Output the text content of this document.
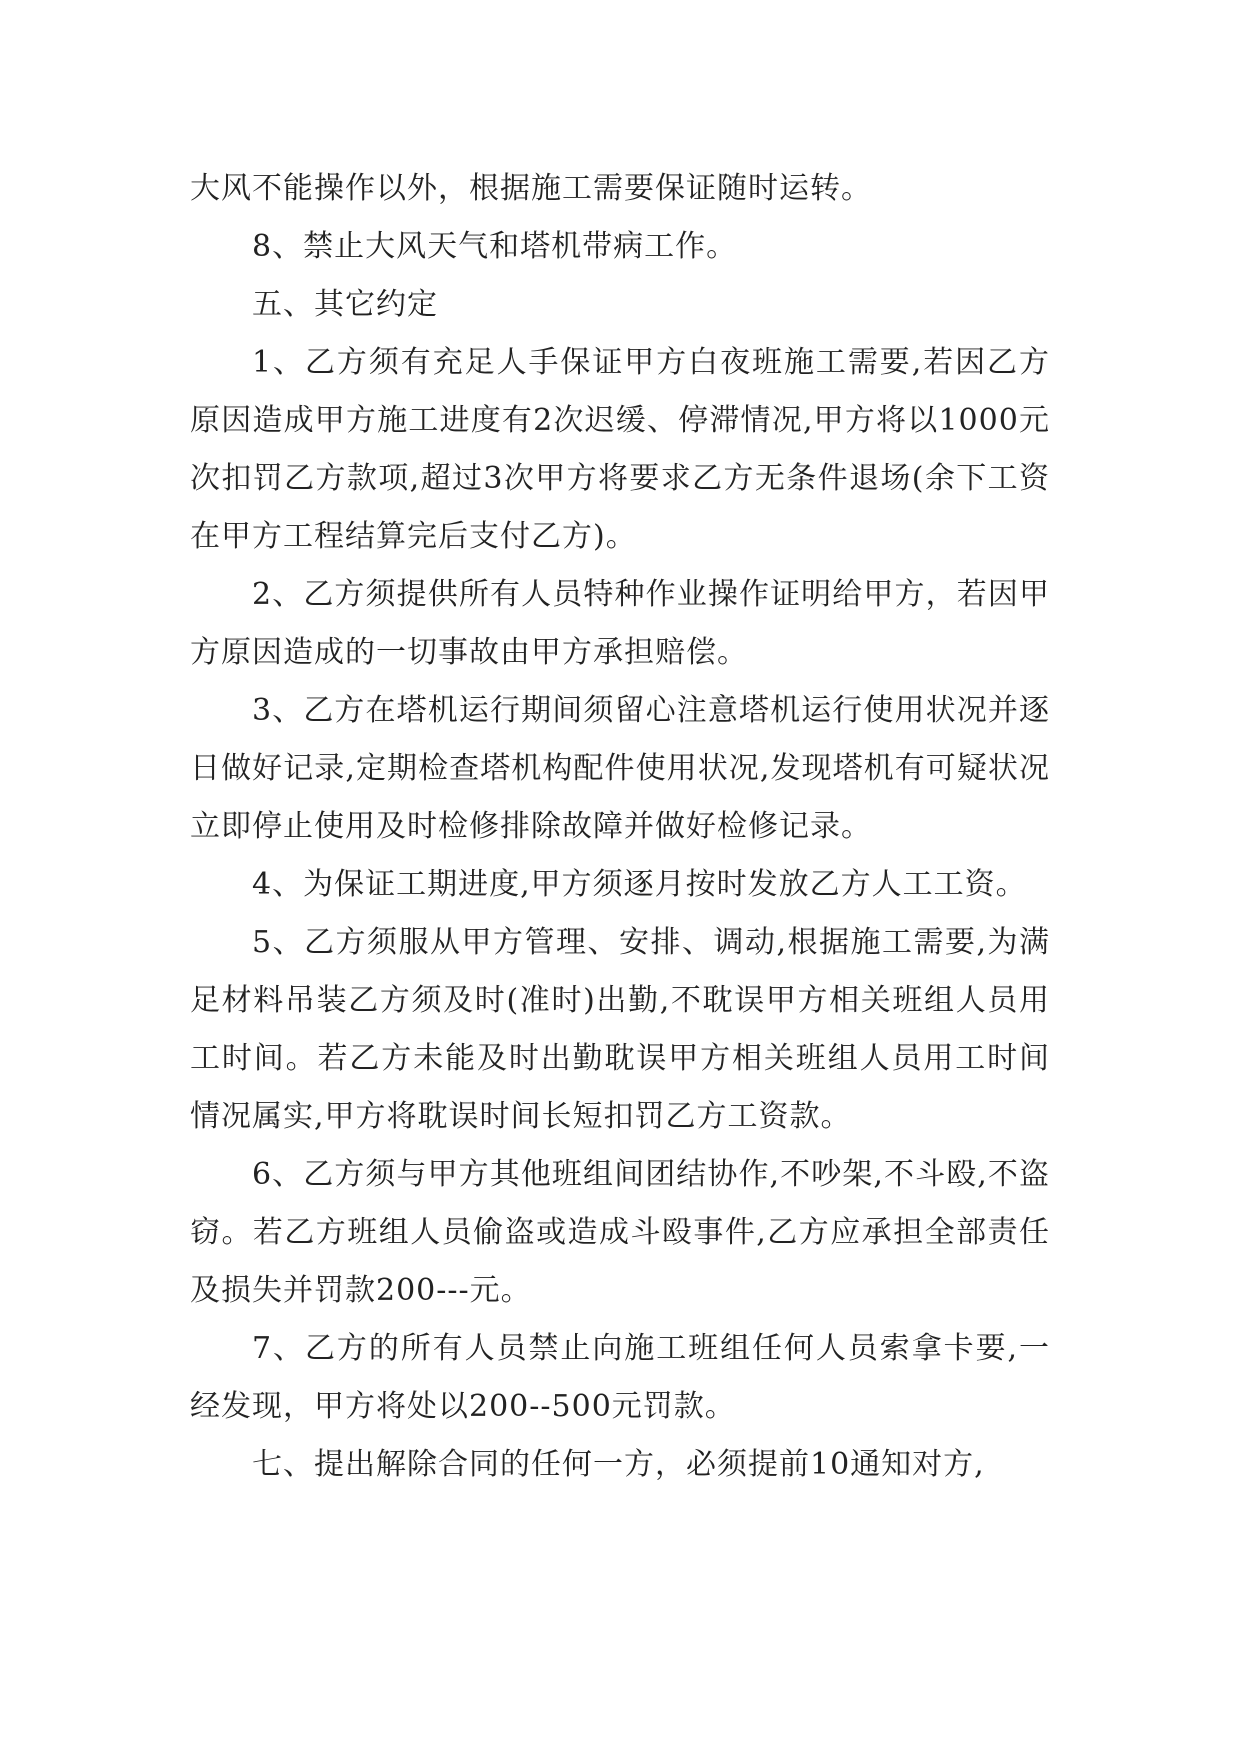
大风不能操作以外，根据施工需要保证随时运转。

8、禁止大风天气和塔机带病工作。

五、其它约定

1、乙方须有充足人手保证甲方白夜班施工需要,若因乙方原因造成甲方施工进度有2次迟缓、停滞情况,甲方将以1000元次扣罚乙方款项,超过3次甲方将要求乙方无条件退场(余下工资在甲方工程结算完后支付乙方)。

2、乙方须提供所有人员特种作业操作证明给甲方，若因甲方原因造成的一切事故由甲方承担赔偿。

3、乙方在塔机运行期间须留心注意塔机运行使用状况并逐日做好记录,定期检查塔机构配件使用状况,发现塔机有可疑状况立即停止使用及时检修排除故障并做好检修记录。

4、为保证工期进度,甲方须逐月按时发放乙方人工工资。

5、乙方须服从甲方管理、安排、调动,根据施工需要,为满足材料吊装乙方须及时(准时)出勤,不耽误甲方相关班组人员用工时间。若乙方未能及时出勤耽误甲方相关班组人员用工时间情况属实,甲方将耽误时间长短扣罚乙方工资款。

6、乙方须与甲方其他班组间团结协作,不吵架,不斗殴,不盗窃。若乙方班组人员偷盗或造成斗殴事件,乙方应承担全部责任及损失并罚款200---元。

7、乙方的所有人员禁止向施工班组任何人员索拿卡要,一经发现，甲方将处以200--500元罚款。

七、提出解除合同的任何一方，必须提前10通知对方,
